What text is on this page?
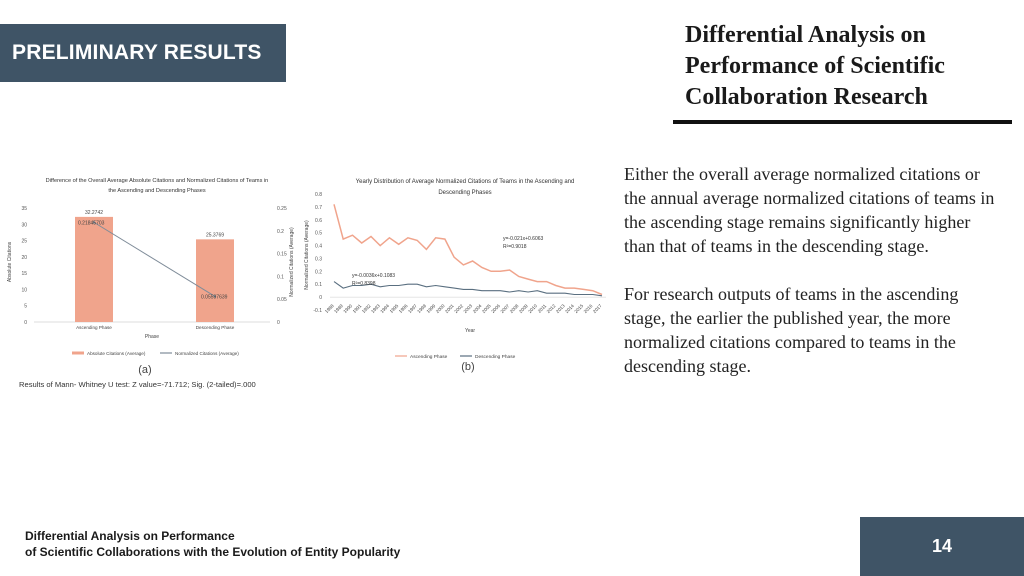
PRELIMINARY RESULTS
Differential Analysis on
Performance of Scientific
Collaboration Research

Either the overall average normalized citations or the annual average normalized citations of teams in the ascending stage remains significantly higher than that of teams in the descending stage.

For research outputs of teams in the ascending stage, the earlier the published year, the more normalized citations compared to teams in the descending stage.

Difference of the Overall Average Absolute Citations and Normalized Citations of Teams in
the Ascending and Descending Phases
Absolute Citations	Normalized Citations (Average)
0
5
10
15
20
25
30
35
0
0.05
0.1
0.15
0.2
0.25
32.2742
25.3769
0.21845703
0.05597639
Ascending Phase	Descending Phase
Phase
Absolute Citations (Average)	Normalized Citations (Average)
(a)
Results of Mann- Whitney U test: Z value=-71.712; Sig. (2-tailed)=.000
Yearly Distribution of Average Normalized Citations of Teams in the Ascending and
Descending Phases
Normalized Citations (Average)
-0.1
0
0.1
0.2
0.3
0.4
0.5
0.6
0.7
0.8
1988
1989
1990
1991
1992
1993
1994
1995
1996
1997
1998
1999
2000
2001
2002
2003
2004
2005
2006
2007
2008
2009
2010
2011
2012
2013
2014
2015
2016
2017
y=-0.021x+0.6063
R²=0.9018
y=-0.0036x+0.1083
R²=0.8398
Year
Ascending Phase	Descending Phase
(b)
Differential Analysis on Performance
of Scientific Collaborations with the Evolution of Entity Popularity	14
